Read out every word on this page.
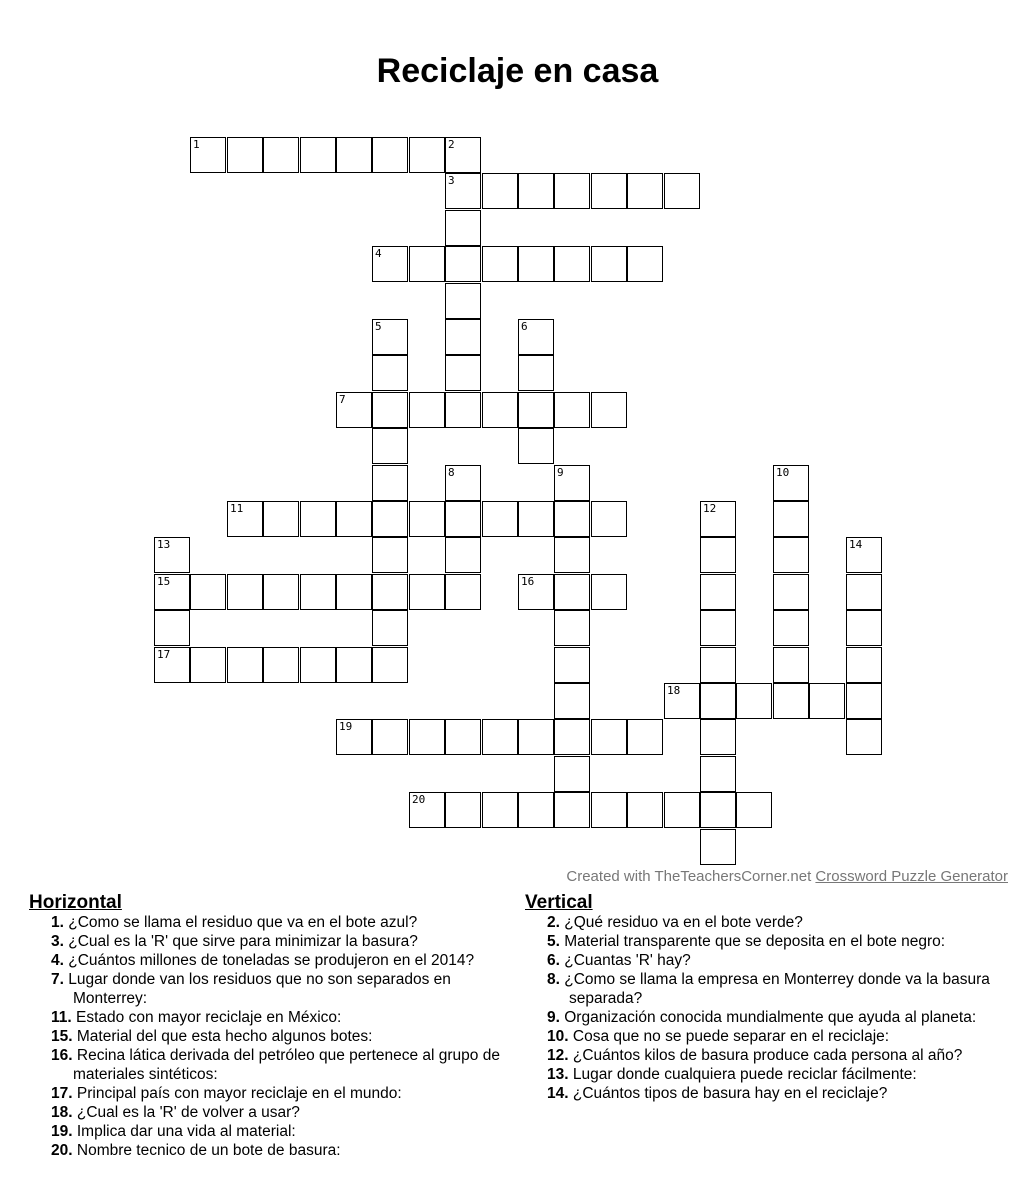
Reciclaje en casa
1	2
3
4
5	6
7
8	9	10
11	12
13
15
17
14
16
18
19
20
Created with TheTeachersCorner.net Crossword Puzzle Generator
Horizontal
1. ¿Como se llama el residuo que va en el bote azul?
3. ¿Cual es la 'R' que sirve para minimizar la basura?
4. ¿Cuántos millones de toneladas se produjeron en el 2014?
7. Lugar donde van los residuos que no son separados en Monterrey:
11. Estado con mayor reciclaje en México:
15. Material del que esta hecho algunos botes:
16. Recina lática derivada del petróleo que pertenece al grupo de materiales sintéticos:
17. Principal país con mayor reciclaje en el mundo:
18. ¿Cual es la 'R' de volver a usar?
19. Implica dar una vida al material:
20. Nombre tecnico de un bote de basura:
Vertical
2. ¿Qué residuo va en el bote verde?
5. Material transparente que se deposita en el bote negro:
6. ¿Cuantas 'R' hay?
8. ¿Como se llama la empresa en Monterrey donde va la basura separada?
9. Organización conocida mundialmente que ayuda al planeta:
10. Cosa que no se puede separar en el reciclaje:
12. ¿Cuántos kilos de basura produce cada persona al año?
13. Lugar donde cualquiera puede reciclar fácilmente:
14. ¿Cuántos tipos de basura hay en el reciclaje?
